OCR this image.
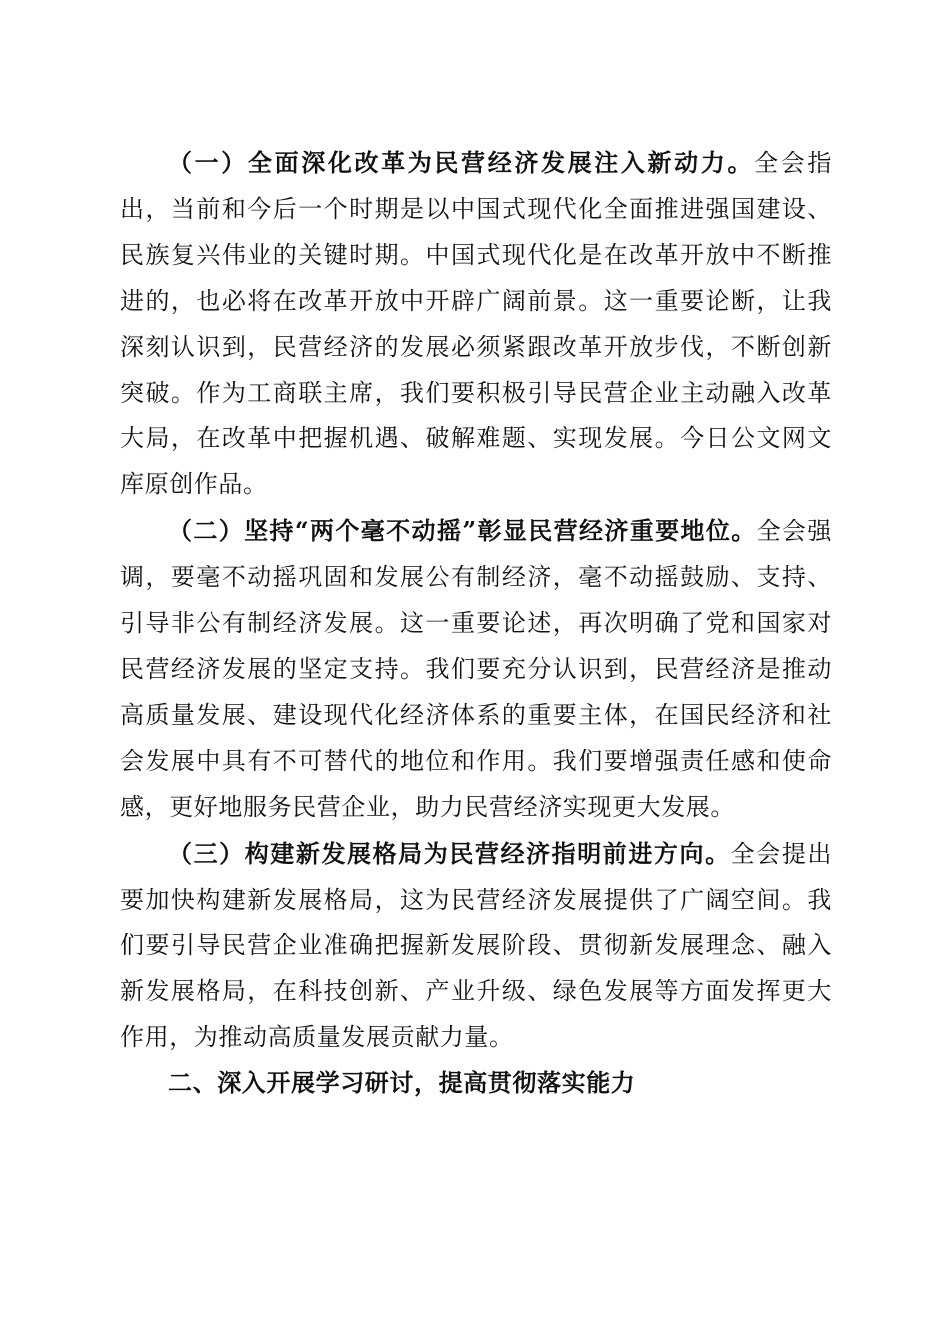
（一）全面深化改革为民营经济发展注入新动力。全会指出，当前和今后一个时期是以中国式现代化全面推进强国建设、民族复兴伟业的关键时期。中国式现代化是在改革开放中不断推进的，也必将在改革开放中开辟广阔前景。这一重要论断，让我深刻认识到，民营经济的发展必须紧跟改革开放步伐，不断创新突破。作为工商联主席，我们要积极引导民营企业主动融入改革大局，在改革中把握机遇、破解难题、实现发展。今日公文网文库原创作品。

（二）坚持“两个毫不动摇”彰显民营经济重要地位。全会强调，要毫不动摇巩固和发展公有制经济，毫不动摇鼓励、支持、引导非公有制经济发展。这一重要论述，再次明确了党和国家对民营经济发展的坚定支持。我们要充分认识到，民营经济是推动高质量发展、建设现代化经济体系的重要主体，在国民经济和社会发展中具有不可替代的地位和作用。我们要增强责任感和使命感，更好地服务民营企业，助力民营经济实现更大发展。

（三）构建新发展格局为民营经济指明前进方向。全会提出要加快构建新发展格局，这为民营经济发展提供了广阔空间。我们要引导民营企业准确把握新发展阶段、贯彻新发展理念、融入新发展格局，在科技创新、产业升级、绿色发展等方面发挥更大作用，为推动高质量发展贡献力量。

二、深入开展学习研讨，提高贯彻落实能力
